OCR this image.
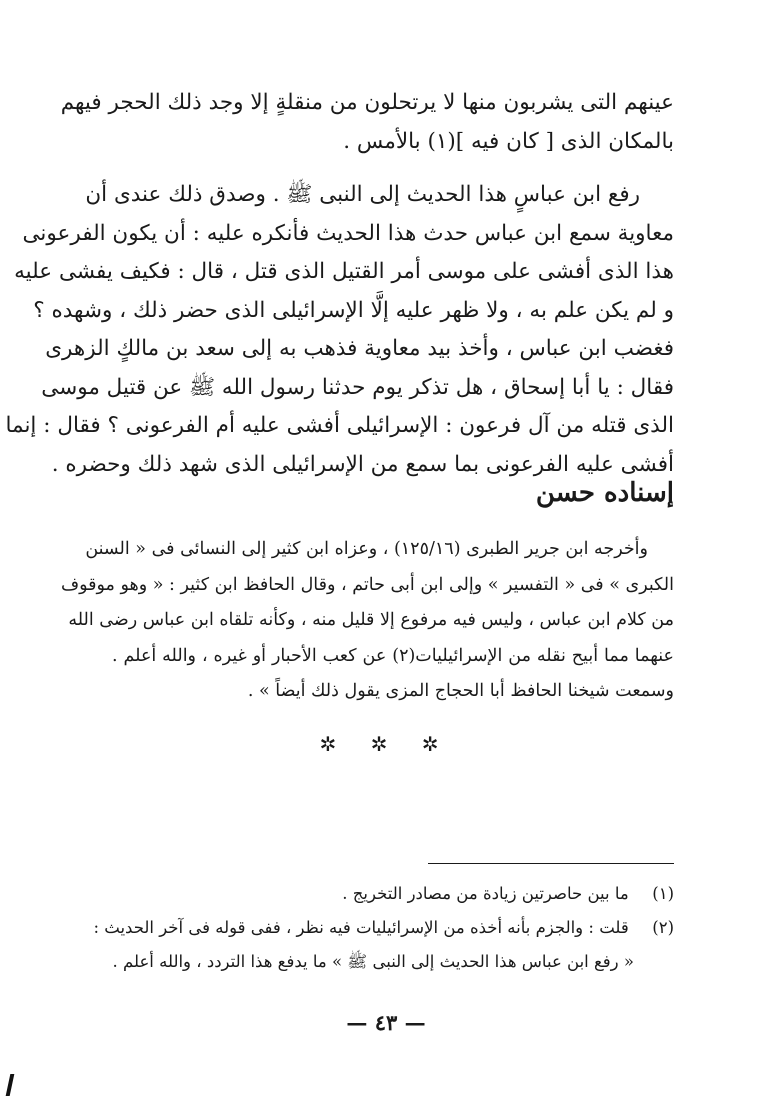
عينهم التى يشربون منها لا يرتحلون من منقلةٍ إلا وجد ذلك الحجر فيهم
بالمكان الذى [ كان فيه ](١) بالأمس .
رفع ابن عباسٍ هذا الحديث إلى النبى ﷺ . وصدق ذلك عندى أن
معاوية سمع ابن عباس حدث هذا الحديث فأنكره عليه : أن يكون الفرعونى
هذا الذى أفشى على موسى أمر القتيل الذى قتل ، قال : فكيف يفشى عليه
و لم يكن علم به ، ولا ظهر عليه إلَّا الإسرائيلى الذى حضر ذلك ، وشهده ؟
فغضب ابن عباس ، وأخذ بيد معاوية فذهب به إلى سعد بن مالكٍ الزهرى
فقال : يا أبا إسحاق ، هل تذكر يوم حدثنا رسول الله ﷺ عن قتيل موسى
الذى قتله من آل فرعون : الإسرائيلى أفشى عليه أم الفرعونى ؟ فقال : إنما
أفشى عليه الفرعونى بما سمع من الإسرائيلى الذى شهد ذلك وحضره .
إسناده حسن
وأخرجه ابن جرير الطبرى (١٢٥/١٦) ، وعزاه ابن كثير إلى النسائى فى « السنن
الكبرى » فى « التفسير » وإلى ابن أبى حاتم ، وقال الحافظ ابن كثير : « وهو موقوف
من كلام ابن عباس ، وليس فيه مرفوع إلا قليل منه ، وكأنه تلقاه ابن عباس رضى الله
عنهما مما أبيح نقله من الإسرائيليات(٢) عن كعب الأحبار أو غيره ، والله أعلم .
وسمعت شيخنا الحافظ أبا الحجاج المزى يقول ذلك أيضاً » .
✲ ✲ ✲
(١) ما بين حاصرتين زيادة من مصادر التخريج .
(٢) قلت : والجزم بأنه أخذه من الإسرائيليات فيه نظر ، ففى قوله فى آخر الحديث :
« رفع ابن عباس هذا الحديث إلى النبى ﷺ » ما يدفع هذا التردد ، والله أعلم .
— ٤٣ —
